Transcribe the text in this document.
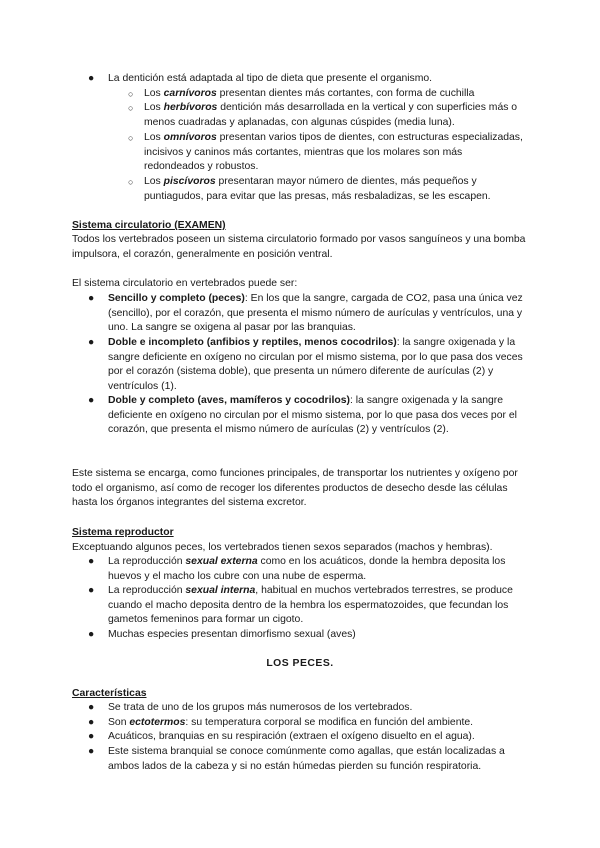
●	La dentición está adaptada al tipo de dieta que presente el organismo.
○	Los carnívoros presentan dientes más cortantes, con forma de cuchilla
○	Los herbívoros dentición más desarrollada en la vertical y con superficies más o menos cuadradas y aplanadas, con algunas cúspides (media luna).
○	Los omnívoros presentan varios tipos de dientes, con estructuras especializadas, incisivos y caninos más cortantes, mientras que los molares son más redondeados y robustos.
○	Los piscívoros presentaran mayor número de dientes, más pequeños y puntiagudos, para evitar que las presas, más resbaladizas, se les escapen.
Sistema circulatorio (EXAMEN)
Todos los vertebrados poseen un sistema circulatorio formado por vasos sanguíneos y una bomba impulsora, el corazón, generalmente en posición ventral.
El sistema circulatorio en vertebrados puede ser:
●	Sencillo y completo (peces): En los que la sangre, cargada de CO2, pasa una única vez (sencillo), por el corazón, que presenta el mismo número de aurículas y ventrículos, una y uno. La sangre se oxigena al pasar por las branquias.
●	Doble e incompleto (anfibios y reptiles, menos cocodrilos): la sangre oxigenada y la sangre deficiente en oxígeno no circulan por el mismo sistema, por lo que pasa dos veces por el corazón (sistema doble), que presenta un número diferente de aurículas (2) y ventrículos (1).
●	Doble y completo (aves, mamíferos y cocodrilos): la sangre oxigenada y la sangre deficiente en oxígeno no circulan por el mismo sistema, por lo que pasa dos veces por el corazón, que presenta el mismo número de aurículas (2) y ventrículos (2).
Este sistema se encarga, como funciones principales, de transportar los nutrientes y oxígeno por todo el organismo, así como de recoger los diferentes productos de desecho desde las células hasta los órganos integrantes del sistema excretor.
Sistema reproductor
Exceptuando algunos peces, los vertebrados tienen sexos separados (machos y hembras).
●	La reproducción sexual externa como en los acuáticos, donde la hembra deposita los huevos y el macho los cubre con una nube de esperma.
●	La reproducción sexual interna, habitual en muchos vertebrados terrestres, se produce cuando el macho deposita dentro de la hembra los espermatozoides, que fecundan los gametos femeninos para formar un cigoto.
●	Muchas especies presentan dimorfismo sexual (aves)
LOS PECES.
Características
●	Se trata de uno de los grupos más numerosos de los vertebrados.
●	Son ectotermos: su temperatura corporal se modifica en función del ambiente.
●	Acuáticos, branquias en su respiración (extraen el oxígeno disuelto en el agua).
●	Este sistema branquial se conoce comúnmente como agallas, que están localizadas a ambos lados de la cabeza y si no están húmedas pierden su función respiratoria.
